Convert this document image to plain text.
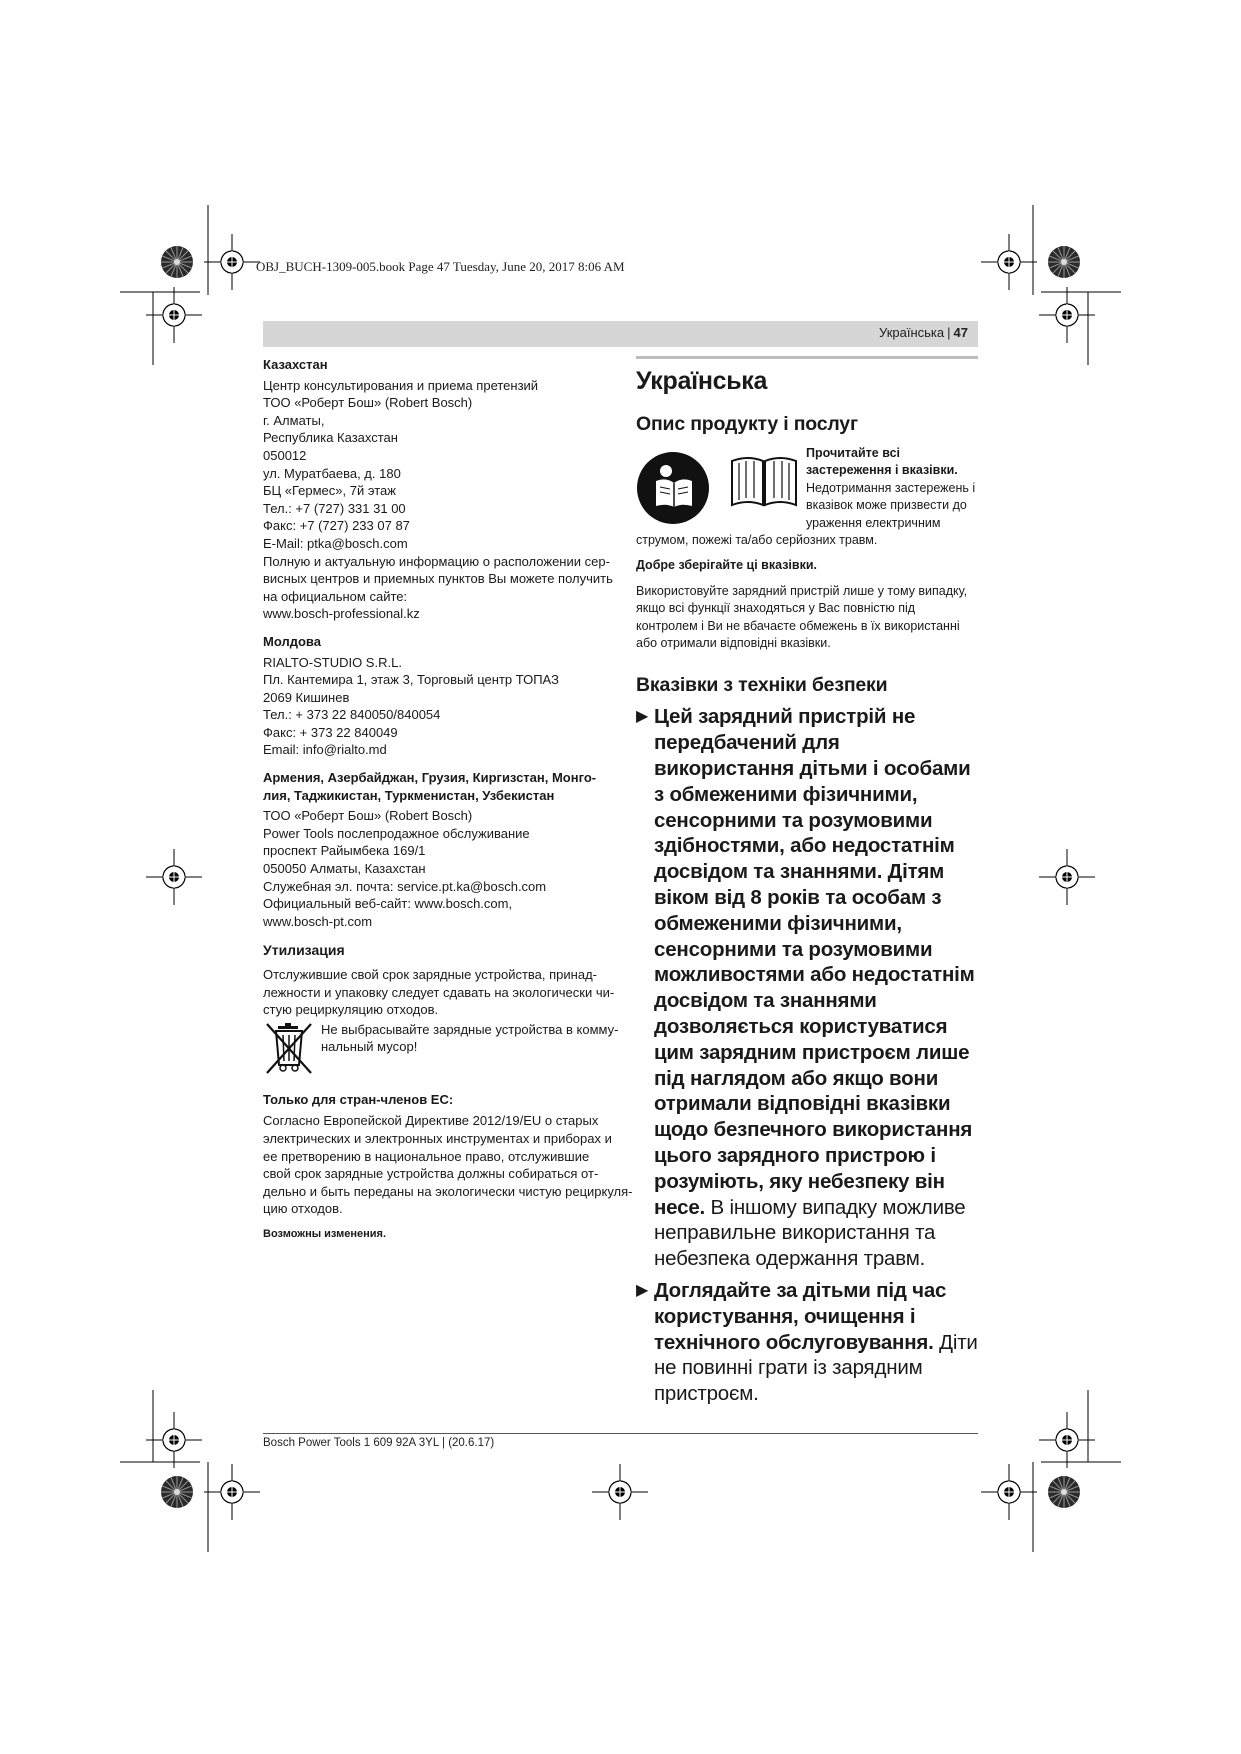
OBJ_BUCH-1309-005.book Page 47 Tuesday, June 20, 2017 8:06 AM
Українська | 47
Казахстан
Центр консультирования и приема претензий
ТОО «Роберт Бош» (Robert Bosch)
г. Алматы,
Республика Казахстан
050012
ул. Муратбаева, д. 180
БЦ «Гермес», 7й этаж
Тел.: +7 (727) 331 31 00
Факс: +7 (727) 233 07 87
E-Mail: ptka@bosch.com
Полную и актуальную информацию о расположении сер-
висных центров и приемных пунктов Вы можете получить
на официальном сайте:
www.bosch-professional.kz
Молдова
RIALTO-STUDIO S.R.L.
Пл. Кантемира 1, этаж 3, Торговый центр ТОПАЗ
2069 Кишинев
Тел.: + 373 22 840050/840054
Факс: + 373 22 840049
Email: info@rialto.md
Армения, Азербайджан, Грузия, Киргизстан, Монго-
лия, Таджикистан, Туркменистан, Узбекистан
ТОО «Роберт Бош» (Robert Bosch)
Power Tools послепродажное обслуживание
проспект Райымбека 169/1
050050 Алматы, Казахстан
Служебная эл. почта: service.pt.ka@bosch.com
Официальный веб-сайт: www.bosch.com,
www.bosch-pt.com
Утилизация
Отслужившие свой срок зарядные устройства, принад-
лежности и упаковку следует сдавать на экологически чи-
стую рециркуляцию отходов.
Не выбрасывайте зарядные устройства в комму-
нальный мусор!
Только для стран-членов ЕС:
Согласно Европейской Директиве 2012/19/EU о старых
электрических и электронных инструментах и приборах и
ее претворению в национальное право, отслужившие
свой срок зарядные устройства должны собираться от-
дельно и быть переданы на экологически чистую рециркуля-
цию отходов.
Возможны изменения.
Українська
Опис продукту і послуг
Прочитайте всі
застереження і вказівки.
Недотримання застережень і
вказівок може призвести до
ураження електричним
струмом, пожежі та/або серйозних травм.
Добре зберігайте ці вказівки.
Використовуйте зарядний пристрій лише у тому випадку,
якщо всі функції знаходяться у Вас повністю під
контролем і Ви не вбачаєте обмежень в їх використанні
або отримали відповідні вказівки.
Вказівки з техніки безпеки
▶ Цей зарядний пристрій не передбачений для використання дітьми і особами з обмеженими фізичними, сенсорними та розумовими здібностями, або недостатнім досвідом та знаннями. Дітям віком від 8 років та особам з обмеженими фізичними, сенсорними та розумовими можливостями або недостатнім досвідом та знаннями дозволяється користуватися цим зарядним пристроєм лише під наглядом або якщо вони отримали відповідні вказівки щодо безпечного використання цього зарядного пристрою і розуміють, яку небезпеку він несе. В іншому випадку можливе неправильне використання та небезпека одержання травм.
▶ Доглядайте за дітьми під час користування, очищення і технічного обслуговування. Діти не повинні грати із зарядним пристроєм.
Bosch Power Tools 1 609 92A 3YL | (20.6.17)
